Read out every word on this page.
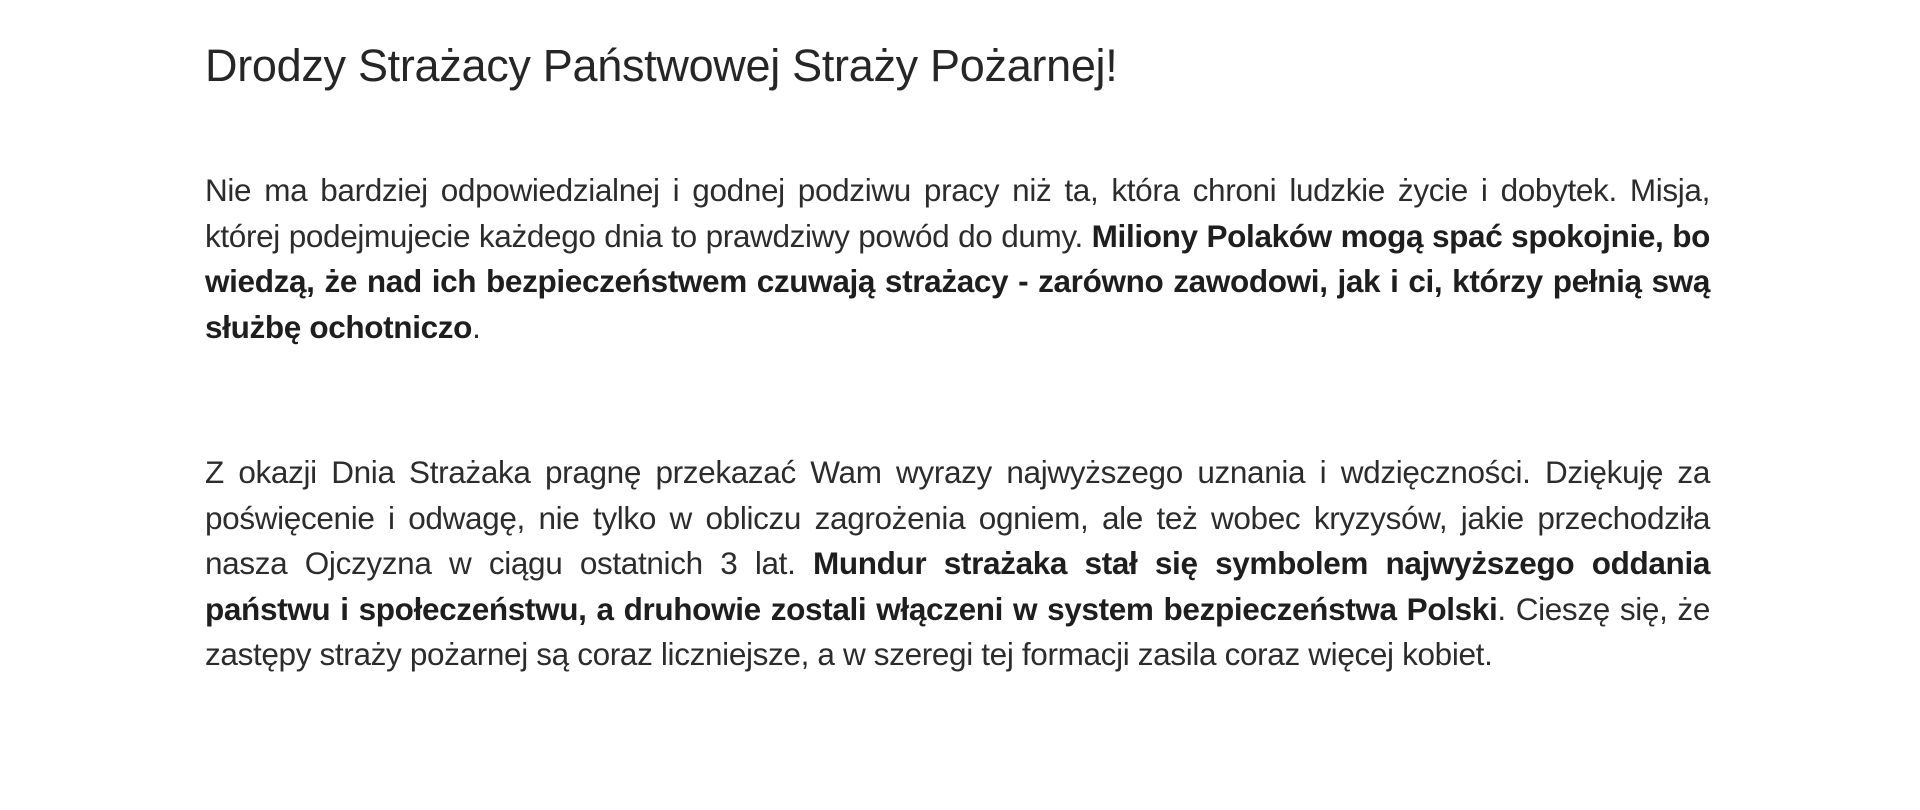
Drodzy Strażacy Państwowej Straży Pożarnej!

Nie ma bardziej odpowiedzialnej i godnej podziwu pracy niż ta, która chroni ludzkie życie i dobytek. Misja, której podejmujecie każdego dnia to prawdziwy powód do dumy. Miliony Polaków mogą spać spokojnie, bo wiedzą, że nad ich bezpieczeństwem czuwają strażacy - zarówno zawodowi, jak i ci, którzy pełnią swą służbę ochotniczo.

Z okazji Dnia Strażaka pragnę przekazać Wam wyrazy najwyższego uznania i wdzięczności. Dziękuję za poświęcenie i odwagę, nie tylko w obliczu zagrożenia ogniem, ale też wobec kryzysów, jakie przechodziła nasza Ojczyzna w ciągu ostatnich 3 lat. Mundur strażaka stał się symbolem najwyższego oddania państwu i społeczeństwu, a druhowie zostali włączeni w system bezpieczeństwa Polski. Cieszę się, że zastępy straży pożarnej są coraz liczniejsze, a w szeregi tej formacji zasila coraz więcej kobiet.
